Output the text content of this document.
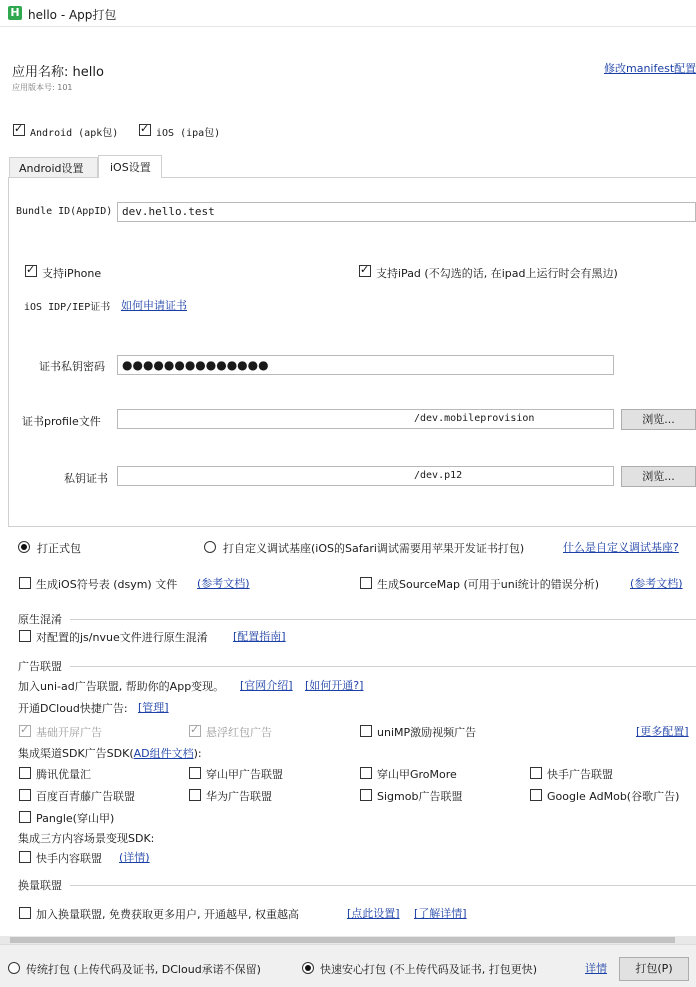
H hello - App打包
应用名称: hello
应用版本号: 101
修改manifest配置
✓
Android (apk包) ✓	iOS (ipa包)
Android设置 iOS设置
Bundle ID(AppID) dev.hello.test
✓
支持iPhone ✓	支持iPad (不勾选的话, 在ipad上运行时会有黑边)
iOS IDP/IEP证书 如何申请证书
证书私钥密码	●●●●●●●●●●●●●●
证书profile文件	/dev.mobileprovision	浏览...
私钥证书	/dev.p12	浏览...
打正式包	打自定义调试基座(iOS的Safari调试需要用苹果开发证书打包)	什么是自定义调试基座?
生成iOS符号表 (dsym) 文件 (参考文档)	生成SourceMap (可用于uni统计的错误分析)	(参考文档)
原生混淆
对配置的js/nvue文件进行原生混淆 [配置指南]
广告联盟
加入uni-ad广告联盟, 帮助你的App变现。 [官网介绍] [如何开通?]
开通DCloud快捷广告: [管理]
✓
基础开屏广告 ✓	悬浮红包广告	uniMP激励视频广告	[更多配置]
集成渠道SDK广告SDK(AD组件文档):
腾讯优量汇	穿山甲广告联盟	穿山甲GroMore	快手广告联盟
百度百青藤广告联盟	华为广告联盟	Sigmob广告联盟	Google AdMob(谷歌广告)
Pangle(穿山甲)
集成三方内容场景变现SDK:
快手内容联盟 (详情)
换量联盟
加入换量联盟, 免费获取更多用户, 开通越早, 权重越高	[点此设置] [了解详情]
传统打包 (上传代码及证书, DCloud承诺不保留)	快速安心打包 (不上传代码及证书, 打包更快)	详情	打包(P)
